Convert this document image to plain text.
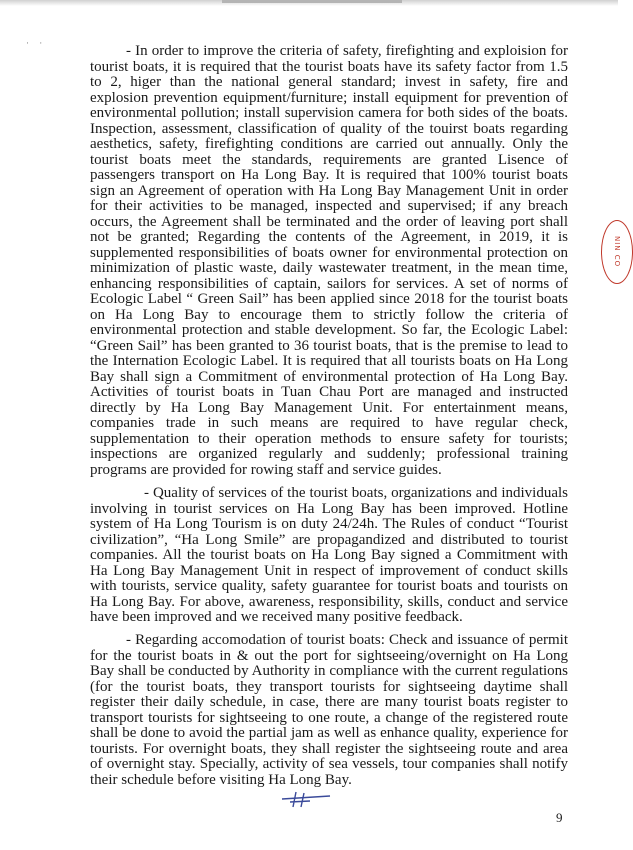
· ·	- In order to improve the criteria of safety, firefighting and exploision for tourist boats, it is required that the tourist boats have its safety factor from 1.5 to 2, higer than the national general standard; invest in safety, fire and explosion prevention equipment/furniture; install equipment for prevention of environmental pollution; install supervision camera for both sides of the boats. Inspection, assessment, classification of quality of the touirst boats regarding aesthetics, safety, firefighting conditions are carried out annually. Only the tourist boats meet the standards, requirements are granted Lisence of passengers transport on Ha Long Bay. It is required that 100% tourist boats sign an Agreement of operation with Ha Long Bay Management Unit in order for their activities to be managed, inspected and supervised; if any breach occurs, the Agreement shall be terminated and the order of leaving port shall not be granted; Regarding the contents of the Agreement, in 2019, it is supplemented responsibilities of boats owner for environmental protection on minimization of plastic waste, daily wastewater treatment, in the mean time, enhancing responsibilities of captain, sailors for services. A set of norms of Ecologic Label “ Green Sail” has been applied since 2018 for the tourist boats on Ha Long Bay to encourage them to strictly follow the criteria of environmental protection and stable development. So far, the Ecologic Label: “Green Sail” has been granted to 36 tourist boats, that is the premise to lead to the Internation Ecologic Label. It is required that all tourists boats on Ha Long Bay shall sign a Commitment of environmental protection of Ha Long Bay. Activities of tourist boats in Tuan Chau Port are managed and instructed directly by Ha Long Bay Management Unit. For entertainment means, companies trade in such means are required to have regular check, supplementation to their operation methods to ensure safety for tourists; inspections are organized regularly and suddenly; professional training programs are provided for rowing staff and service guides.

- Quality of services of the tourist boats, organizations and individuals involving in tourist services on Ha Long Bay has been improved. Hotline system of Ha Long Tourism is on duty 24/24h. The Rules of conduct “Tourist civilization”, “Ha Long Smile” are propagandized and distributed to tourist companies. All the tourist boats on Ha Long Bay signed a Commitment with Ha Long Bay Management Unit in respect of improvement of conduct skills with tourists, service quality, safety guarantee for tourist boats and tourists on Ha Long Bay. For above, awareness, responsibility, skills, conduct and service have been improved and we received many positive feedback.

- Regarding accomodation of tourist boats: Check and issuance of permit for the tourist boats in & out the port for sightseeing/overnight on Ha Long Bay shall be conducted by Authority in compliance with the current regulations (for the tourist boats, they transport tourists for sightseeing daytime shall register their daily schedule, in case, there are many tourist boats register to transport tourists for sightseeing to one route, a change of the registered route shall be done to avoid the partial jam as well as enhance quality, experience for tourists. For overnight boats, they shall register the sightseeing route and area of overnight stay. Specially, activity of sea vessels, tour companies shall notify their schedule before visiting Ha Long Bay.

NIN CO
9
